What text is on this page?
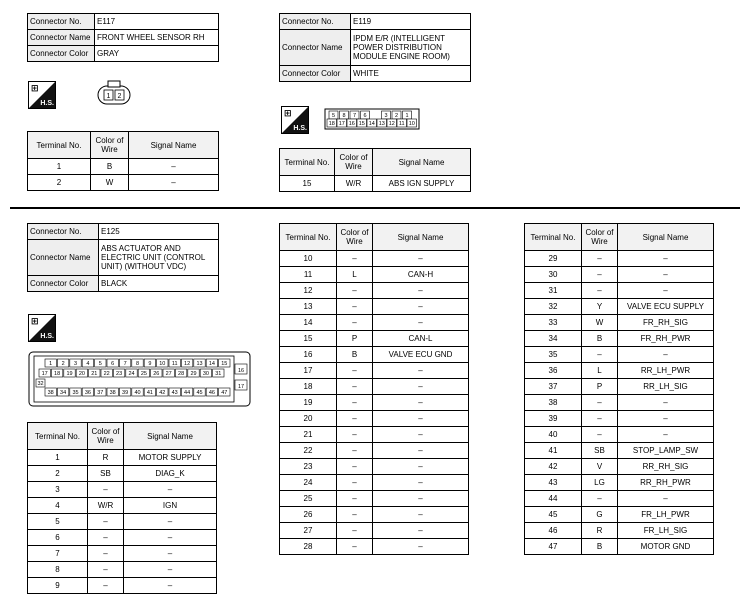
Connector No.	E117
Connector Name	FRONT WHEEL SENSOR RH
Connector Color	GRAY
⊞
H.S.
1 2
Terminal No.	Color of Wire	Signal Name
1	B	–
2	W	–
Connector No.	E119
Connector Name	IPDM E/R (INTELLIGENT POWER DISTRIBUTION MODULE ENGINE ROOM)
Connector Color	WHITE
⊞
H.S.
5 8 7 6	3 2 1
18 17 16 15 14 13 12 11 10
Terminal No.	Color of Wire	Signal Name
15	W/R	ABS IGN SUPPLY
Connector No.	E125
Connector Name	ABS ACTUATOR AND ELECTRIC UNIT (CONTROL UNIT) (WITHOUT VDC)
Connector Color	BLACK
⊞
H.S.
1 2 3 4 5 6 7 8 9 10 11 12 13 14 15
17 18 19 20 21 22 23 24 25 26 27 28 29 30 31
38 34 35 36 37 38 39 40 41 42 43 44 45 46 47
32
16
17
Terminal No.	Color of Wire	Signal Name
1	R	MOTOR SUPPLY
2	SB	DIAG_K
3	–	–
4	W/R	IGN
5	–	–
6	–	–
7	–	–
8	–	–
9	–	–
Terminal No.	Color of Wire	Signal Name
10	–	–
11	L	CAN-H
12	–	–
13	–	–
14	–	–
15	P	CAN-L
16	B	VALVE ECU GND
17	–	–
18	–	–
19	–	–
20	–	–
21	–	–
22	–	–
23	–	–
24	–	–
25	–	–
26	–	–
27	–	–
28	–	–
Terminal No.	Color of Wire	Signal Name
29	–	–
30	–	–
31	–	–
32	Y	VALVE ECU SUPPLY
33	W	FR_RH_SIG
34	B	FR_RH_PWR
35	–	–
36	L	RR_LH_PWR
37	P	RR_LH_SIG
38	–	–
39	–	–
40	–	–
41	SB	STOP_LAMP_SW
42	V	RR_RH_SIG
43	LG	RR_RH_PWR
44	–	–
45	G	FR_LH_PWR
46	R	FR_LH_SIG
47	B	MOTOR GND
